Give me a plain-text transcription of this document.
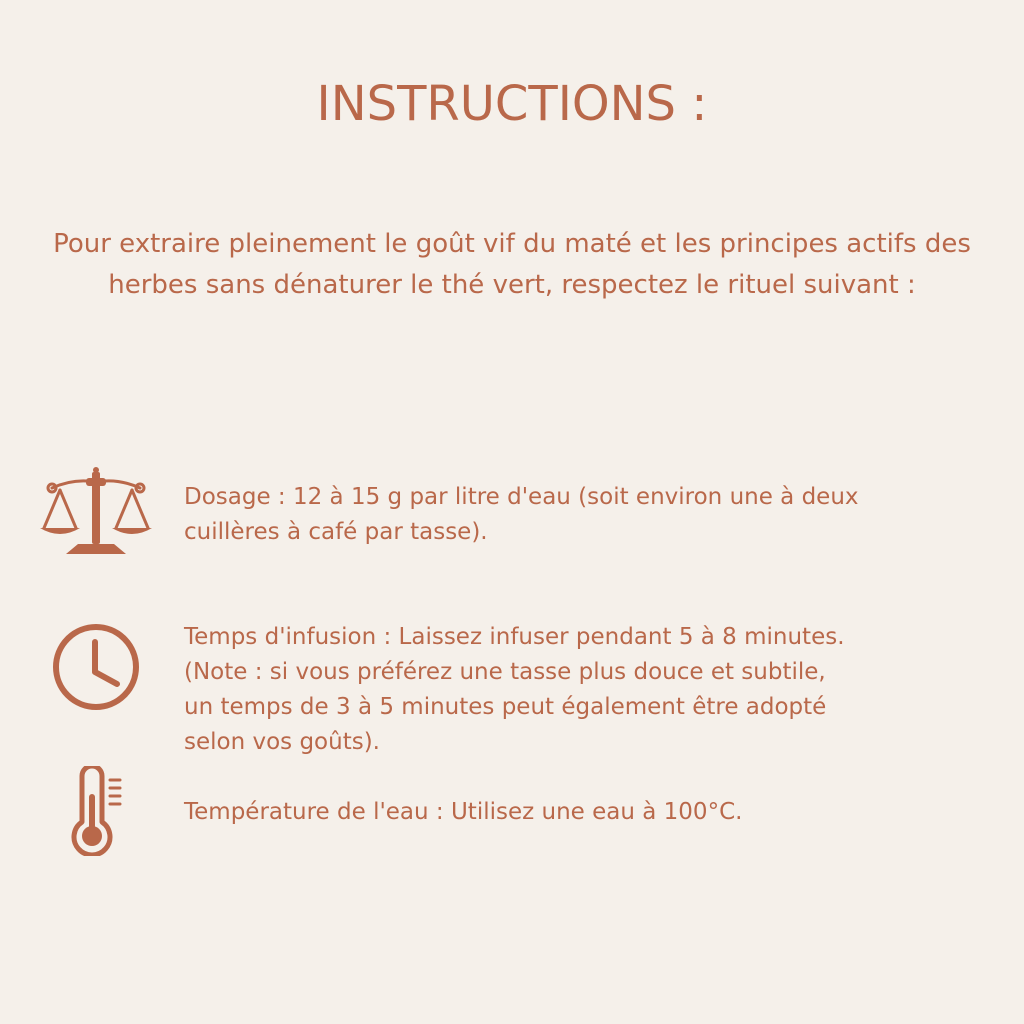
INSTRUCTIONS :

Pour extraire pleinement le goût vif du maté et les principes actifs des herbes sans dénaturer le thé vert, respectez le rituel suivant :

Dosage : 12 à 15 g par litre d'eau (soit environ une à deux
cuillères à café par tasse).
Temps d'infusion : Laissez infuser pendant 5 à 8 minutes.
(Note : si vous préférez une tasse plus douce et subtile,
un temps de 3 à 5 minutes peut également être adopté
selon vos goûts).
Température de l'eau : Utilisez une eau à 100°C.
